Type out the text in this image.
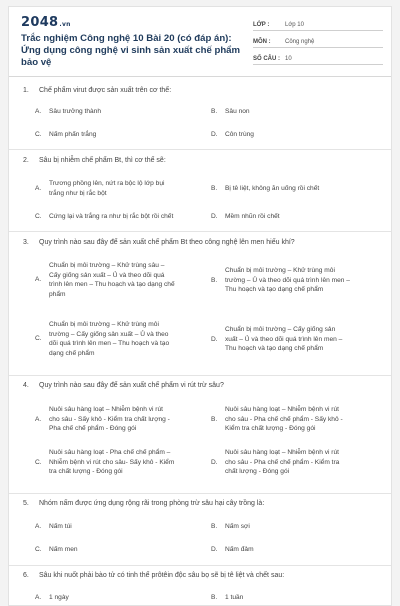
2048.vn
Trắc nghiệm Công nghệ 10 Bài 20 (có đáp án): Ứng dụng công nghệ vi sinh sản xuất chế phẩm bảo vệ
LỚP :	Lớp 10
MÔN :	Công nghệ
SỐ CÂU : 10
1. Chế phẩm virut được sản xuất trên cơ thể:
A.	Sâu trưởng thành	B.	Sâu non
C.	Nấm phấn trắng	D.	Côn trùng
2. Sâu bị nhiễm chế phẩm Bt, thì cơ thể sẽ:
A.
Trương phồng lên, nứt ra bộc lộ lớp bụi
trắng như bị rắc bột
B.	Bị tê liệt, không ăn uống rồi chết
C.	Cứng lại và trắng ra như bị rắc bột rồi chết	D.	Mềm nhũn rồi chết
3. Quy trình nào sau đây để sản xuất chế phẩm Bt theo công nghệ lên men hiếu khí?
A.
Chuẩn bị môi trường – Khử trùng sâu –
Cấy giống sản xuất – Ủ và theo dõi quá
trình lên men – Thu hoạch và tạo dạng chế
phẩm
B.
Chuẩn bị môi trường – Khử trùng môi
trường – Ủ và theo dõi quá trình lên men –
Thu hoạch và tạo dạng chế phẩm
C.
Chuẩn bị môi trường – Khử trùng môi
trường – Cấy giống sản xuất – Ủ và theo
dõi quá trình lên men – Thu hoạch và tạo
dạng chế phẩm
D.
Chuẩn bị môi trường – Cấy giống sản
xuất – Ủ và theo dõi quá trình lên men –
Thu hoạch và tạo dạng chế phẩm
4. Quy trình nào sau đây để sản xuất chế phẩm vi rút trừ sâu?
A.
Nuôi sâu hàng loạt – Nhiễm bệnh vi rút
cho sâu - Sấy khô - Kiểm tra chất lượng -
Pha chế chế phẩm - Đóng gói
B.
Nuôi sâu hàng loạt – Nhiễm bệnh vi rút
cho sâu - Pha chế chế phẩm - Sấy khô -
Kiểm tra chất lượng - Đóng gói
C.
Nuôi sâu hàng loạt - Pha chế chế phẩm –
Nhiễm bệnh vi rút cho sâu- Sấy khô - Kiểm
tra chất lượng - Đóng gói
D.
Nuôi sâu hàng loạt – Nhiễm bệnh vi rút
cho sâu - Pha chế chế phẩm - Kiểm tra
chất lượng - Đóng gói
5. Nhóm nấm được ứng dụng rộng rãi trong phòng trừ sâu hại cây trồng là:
A.	Nấm túi	B.	Nấm sợi
C.	Nấm men	D.	Nấm đảm
6. Sâu khi nuốt phải bào tử có tinh thể prôtêin độc sâu bọ sẽ bị tê liệt và chết sau:
A.	1 ngày	B.	1 tuần
